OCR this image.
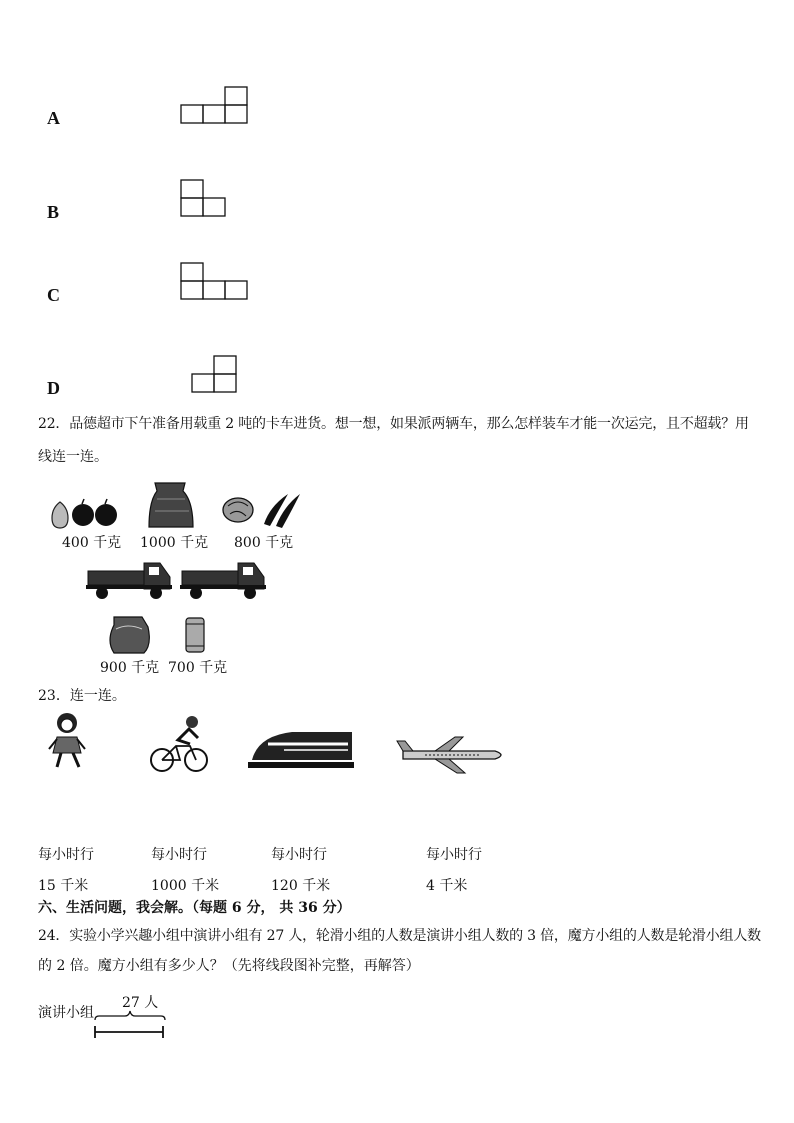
A
B
C
D
22．品德超市下午准备用载重 2 吨的卡车进货。想一想，如果派两辆车，那么怎样装车才能一次运完，且不超载？用
线连一连。
400 千克 1000 千克 800 千克
900 千克 700 千克
23．连一连。
每小时行
15 千米
每小时行
1000 千米
每小时行
120 千米
每小时行
4 千米
六、生活问题，我会解。（每题 6 分， 共 36 分）
24．实验小学兴趣小组中演讲小组有 27 人，轮滑小组的人数是演讲小组人数的 3 倍，魔方小组的人数是轮滑小组人数
的 2 倍。魔方小组有多少人？（先将线段图补完整，再解答）
演讲小组
27 人
